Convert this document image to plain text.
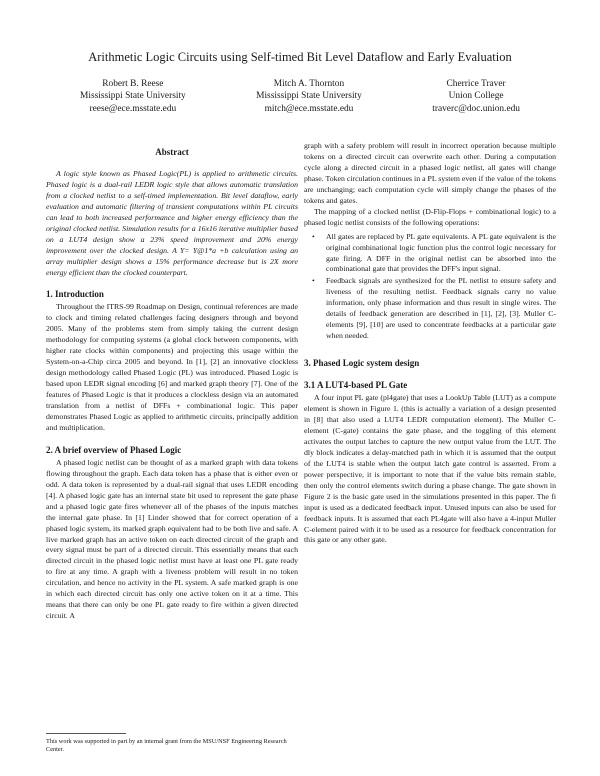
Arithmetic Logic Circuits using Self-timed Bit Level Dataflow and Early Evaluation
Robert B. Reese
Mississippi State University
reese@ece.msstate.edu
Mitch A. Thornton
Mississippi State University
mitch@ece.msstate.edu
Cherrice Traver
Union College
traverc@doc.union.edu
Abstract

A logic style known as Phased Logic(PL) is applied to arithmetic circuits. Phased logic is a dual-rail LEDR logic style that allows automatic translation from a clocked netlist to a self-timed implementation. Bit level dataflow, early evaluation and automatic filtering of transient computations within PL circuits can lead to both increased performance and higher energy efficiency than the original clocked netlist. Simulation results for a 16x16 iterative multiplier based on a LUT4 design show a 23% speed improvement and 20% energy improvement over the clocked design. A Y= Y@1*a +b calculation using an array multiplier design shows a 15% performance decrease but is 2X more energy efficient than the clocked counterpart.

1. Introduction

Throughout the ITRS-99 Roadmap on Design, continual references are made to clock and timing related challenges facing designers through and beyond 2005. Many of the problems stem from simply taking the current design methodology for computing systems (a global clock between components, with higher rate clocks within components) and projecting this usage within the System-on-a-Chip circa 2005 and beyond. In [1], [2] an innovative clockless design methodology called Phased Logic (PL) was introduced. Phased Logic is based upon LEDR signal encoding [6] and marked graph theory [7]. One of the features of Phased Logic is that it produces a clockless design via an automated translation from a netlist of DFFs + combinational logic. This paper demonstrates Phased Logic as applied to arithmetic circuits, principally addition and multiplication.

2. A brief overview of Phased Logic

A phased logic netlist can be thought of as a marked graph with data tokens flowing throughout the graph. Each data token has a phase that is either even or odd. A data token is represented by a dual-rail signal that uses LEDR encoding [4]. A phased logic gate has an internal state bit used to represent the gate phase and a phased logic gate fires whenever all of the phases of the inputs matches the internal gate phase. In [1] Linder showed that for correct operation of a phased logic system, its marked graph equivalent had to be both live and safe. A live marked graph has an active token on each directed circuit of the graph and every signal must be part of a directed circuit. This essentially means that each directed circuit in the phased logic netlist must have at least one PL gate ready to fire at any time. A graph with a liveness problem will result in no token circulation, and hence no activity in the PL system. A safe marked graph is one in which each directed circuit has only one active token on it at a time. This means that there can only be one PL gate ready to fire within a given directed circuit. A

graph with a safety problem will result in incorrect operation because multiple tokens on a directed circuit can overwrite each other. During a computation cycle along a directed circuit in a phased logic netlist, all gates will change phase. Token circulation continues in a PL system even if the value of the tokens are unchanging; each computation cycle will simply change the phases of the tokens and gates.

The mapping of a clocked netlist (D-Flip-Flops + combinational logic) to a phased logic netlist consists of the following operations:

• All gates are replaced by PL gate equivalents. A PL gate equivalent is the original combinational logic function plus the control logic necessary for gate firing. A DFF in the original netlist can be absorbed into the combinational gate that provides the DFF's input signal.
• Feedback signals are synthesized for the PL netlist to ensure safety and liveness of the resulting netlist. Feedback signals carry no value information, only phase information and thus result in single wires. The details of feedback generation are described in [1], [2], [3]. Muller C-elements [9], [10] are used to concentrate feedbacks at a particular gate when needed.
3. Phased Logic system design
3.1 A LUT4-based PL Gate

A four input PL gate (pl4gate) that uses a LookUp Table (LUT) as a compute element is shown in Figure 1. (this is actually a variation of a design presented in [8] that also used a LUT4 LEDR computation element). The Muller C-element (C-gate) contains the gate phase, and the toggling of this element activates the output latches to capture the new output value from the LUT. The dly block indicates a delay-matched path in which it is assumed that the output of the LUT4 is stable when the output latch gate control is asserted. From a power perspective, it is important to note that if the value bits remain stable, then only the control elements switch during a phase change. The gate shown in Figure 2 is the basic gate used in the simulations presented in this paper. The fi input is used as a dedicated feedback input. Unused inputs can also be used for feedback inputs. It is assumed that each PL4gate will also have a 4-input Muller C-element paired with it to be used as a resource for feedback concentration for this gate or any other gate.

This work was supported in part by an internal grant from the MSU/NSF Engineering Research Center.
